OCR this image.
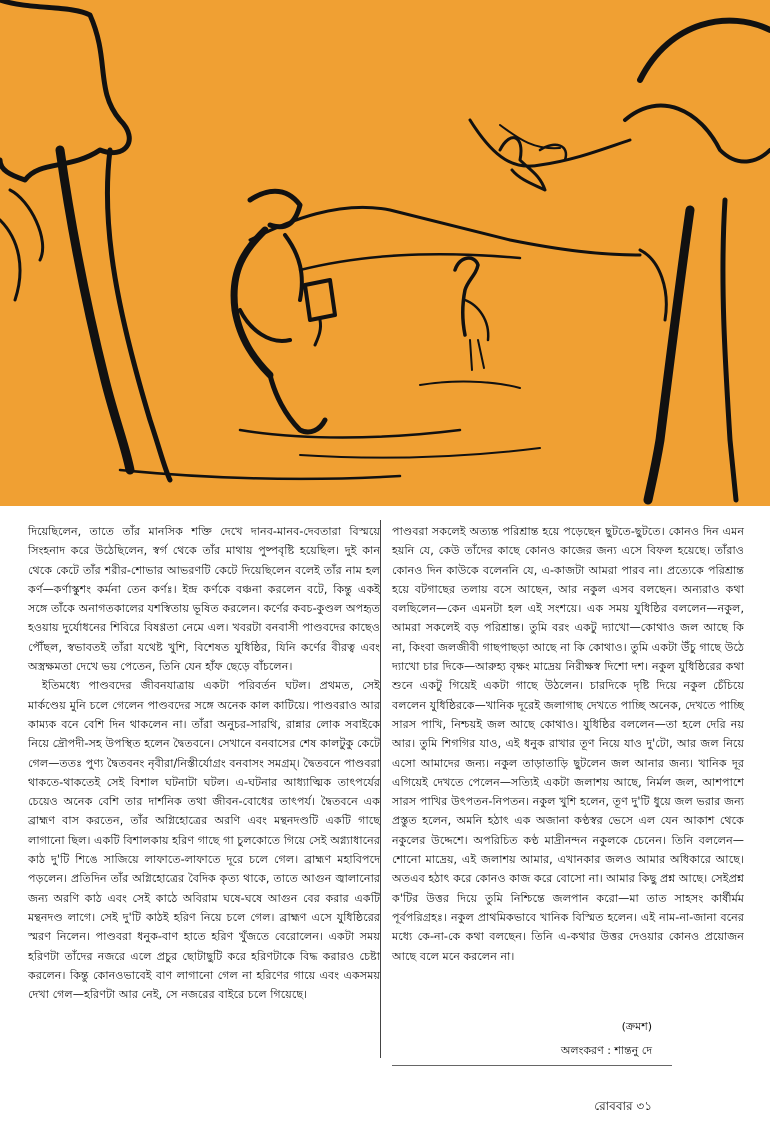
দিয়েছিলেন, তাতে তাঁর মানসিক শক্তি দেখে দানব-মানব-দেবতারা বিস্ময়ে সিংহনাদ করে উঠেছিলেন, স্বর্গ থেকে তাঁর মাথায় পুষ্পবৃষ্টি হয়েছিল। দুই কান থেকে কেটে তাঁর শরীর-শোভার আভরণটি কেটে দিয়েছিলেন বলেই তাঁর নাম হল কর্ণ—কর্ণাস্কুশং কর্মনা তেন কর্ণঃ। ইন্দ্র কর্ণকে বঞ্চনা করলেন বটে, কিন্তু একই সঙ্গে তাঁকে অনাগতকালের যশস্বিতায় ভূষিত করলেন। কর্ণের কবচ-কুণ্ডল অপহৃত হওয়ায় দুর্যোধনের শিবিরে বিষণ্ণতা নেমে এল। খবরটা বনবাসী পাণ্ডবদের কাছেও পৌঁছল, স্বভাবতই তাঁরা যথেষ্ট খুশি, বিশেষত যুধিষ্ঠির, যিনি কর্ণের বীরত্ব এবং অস্ত্রক্ষমতা দেখে ভয় পেতেন, তিনি যেন হাঁফ ছেড়ে বাঁচলেন।

ইতিমধ্যে পাণ্ডবদের জীবনযাত্রায় একটা পরিবর্তন ঘটল। প্রথমত, সেই মার্কণ্ডেয় মুনি চলে গেলেন পাণ্ডবদের সঙ্গে অনেক কাল কাটিয়ে। পাণ্ডবরাও আর কাম্যক বনে বেশি দিন থাকলেন না। তাঁরা অনুচর-সারথি, রান্নার লোক সবাইকে নিয়ে দ্রৌপদী-সহ উপস্থিত হলেন দ্বৈতবনে। সেখানে বনবাসের শেষ কালটুকু কেটে গেল—ততঃ পুণ্য দ্বৈতবনং নৃবীরা/নিস্তীর্যোগ্রং বনবাসং সমগ্রম্। দ্বৈতবনে পাণ্ডবরা থাকতে-থাকতেই সেই বিশাল ঘটনাটা ঘটল। এ-ঘটনার আধ্যাত্মিক তাৎপর্যের চেয়েও অনেক বেশি তার দার্শনিক তথা জীবন-বোধের তাৎপর্য। দ্বৈতবনে এক ব্রাহ্মণ বাস করতেন, তাঁর অগ্নিহোত্রের অরণি এবং মন্থনদণ্ডটি একটি গাছে লাগানো ছিল। একটি বিশালকায় হরিণ গাছে গা চুলকোতে গিয়ে সেই অগ্ন্যাধানের কাঠ দু'টি শিঙে সাজিয়ে লাফাতে-লাফাতে দূরে চলে গেল। ব্রাহ্মণ মহাবিপদে পড়লেন। প্রতিদিন তাঁর অগ্নিহোত্রের বৈদিক কৃত্য থাকে, তাতে আগুন জ্বালানোর জন্য অরণি কাঠ এবং সেই কাঠে অবিরাম ঘষে-ঘষে আগুন বের করার একটি মন্থনদণ্ড লাগে। সেই দু'টি কাঠই হরিণ নিয়ে চলে গেল। ব্রাহ্মণ এসে যুধিষ্ঠিরের স্মরণ নিলেন। পাণ্ডবরা ধনুক-বাণ হাতে হরিণ খুঁজতে বেরোলেন। একটা সময় হরিণটা তাঁদের নজরে এলে প্রচুর ছোটাছুটি করে হরিণটাকে বিদ্ধ করারও চেষ্টা করলেন। কিন্তু কোনওভাবেই বাণ লাগানো গেল না হরিণের গায়ে এবং একসময় দেখা গেল—হরিণটা আর নেই, সে নজরের বাইরে চলে গিয়েছে।

পাণ্ডবরা সকলেই অত্যন্ত পরিশ্রান্ত হয়ে পড়েছেন ছুটতে-ছুটতে। কোনও দিন এমন হয়নি যে, কেউ তাঁদের কাছে কোনও কাজের জন্য এসে বিফল হয়েছে। তাঁরাও কোনও দিন কাউকে বলেননি যে, এ-কাজটা আমরা পারব না। প্রত্যেকে পরিশ্রান্ত হয়ে বটগাছের তলায় বসে আছেন, আর নকুল এসব বলছেন। অন্যরাও কথা বলছিলেন—কেন এমনটা হল এই সংশয়ে। এক সময় যুধিষ্ঠির বললেন—নকুল, আমরা সকলেই বড় পরিশ্রান্ত। তুমি বরং একটু দ্যাখো—কোথাও জল আছে কি না, কিংবা জলজীবী গাছপাছড়া আছে না কি কোথাও। তুমি একটা উঁচু গাছে উঠে দ্যাখো চার দিকে—আরুহ্য বৃক্ষং মাদ্রেয় নিরীক্ষস্ব দিশো দশ। নকুল যুধিষ্ঠিরের কথা শুনে একটু গিয়েই একটা গাছে উঠলেন। চারদিকে দৃষ্টি দিয়ে নকুল চেঁচিয়ে বললেন যুধিষ্ঠিরকে—খানিক দূরেই জলাগাছ দেখতে পাচ্ছি অনেক, দেখতে পাচ্ছি সারস পাখি, নিশ্চয়ই জল আছে কোথাও। যুধিষ্ঠির বললেন—তা হলে দেরি নয় আর। তুমি শিগগির যাও, এই ধনুক রাখার তূণ নিয়ে যাও দু'টো, আর জল নিয়ে এসো আমাদের জন্য। নকুল তাড়াতাড়ি ছুটলেন জল আনার জন্য। খানিক দূর এগিয়েই দেখতে পেলেন—সত্যিই একটা জলাশয় আছে, নির্মল জল, আশপাশে সারস পাখির উৎপতন-নিপতন। নকুল খুশি হলেন, তূণ দু'টি ধুয়ে জল ভরার জন্য প্রস্তুত হলেন, অমনি হঠাৎ এক অজানা কণ্ঠস্বর ভেসে এল যেন আকাশ থেকে নকুলের উদ্দেশে। অপরিচিত কণ্ঠ মাদ্রীনন্দন নকুলকে চেনেন। তিনি বললেন—শোনো মাদ্রেয়, এই জলাশয় আমার, এখানকার জলও আমার অধিকারে আছে। অতএব হঠাৎ করে কোনও কাজ করে বোসো না। আমার কিছু প্রশ্ন আছে। সেইপ্রশ্ন ক'টির উত্তর দিয়ে তুমি নিশ্চিন্তে জলপান করো—মা তাত সাহসং কার্ষীর্মম পূর্বপরিগ্রহঃ। নকুল প্রাথমিকভাবে খানিক বিস্মিত হলেন। এই নাম-না-জানা বনের মধ্যে কে-না-কে কথা বলছেন। তিনি এ-কথার উত্তর দেওয়ার কোনও প্রয়োজন আছে বলে মনে করলেন না।

(ক্রমশ)
অলংকরণ : শান্তনু দে
রোববার ৩১
